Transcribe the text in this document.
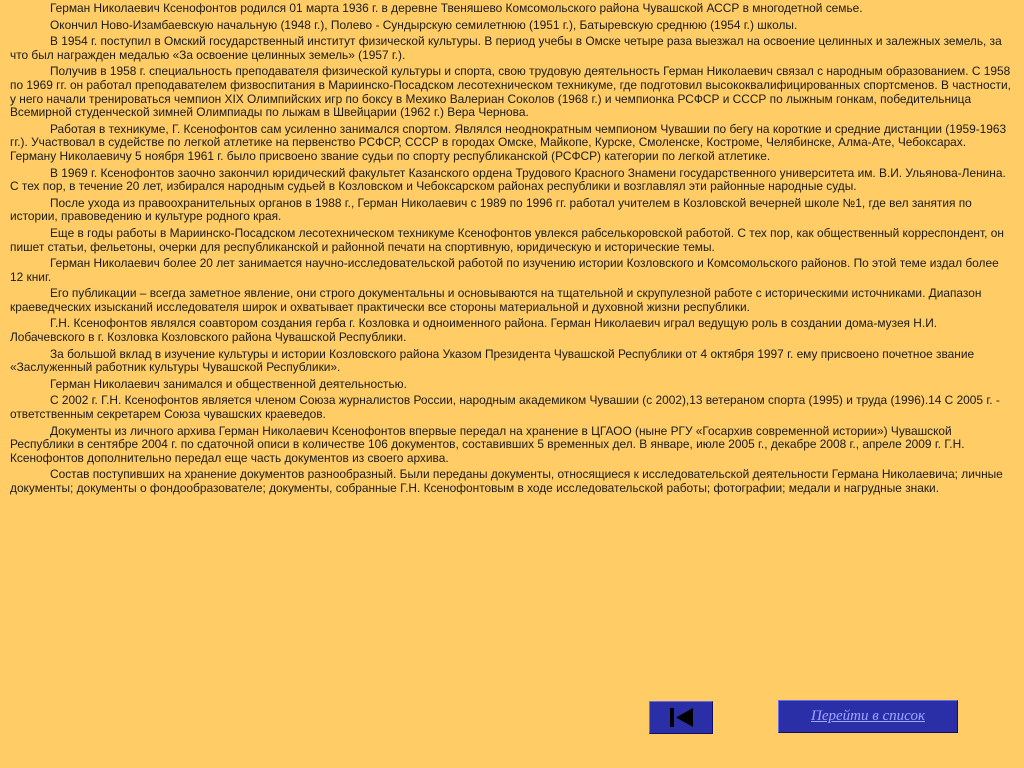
Герман Николаевич Ксенофонтов родился 01 марта 1936 г. в деревне Твеняшево Комсомольского района Чувашской АССР в многодетной семье.

Окончил Ново-Изамбаевскую начальную (1948 г.), Полево - Сундырскую семилетнюю (1951 г.), Батыревскую среднюю (1954 г.) школы.

В 1954 г. поступил в Омский государственный институт физической культуры. В период учебы в Омске четыре раза выезжал на освоение целинных и залежных земель, за что был награжден медалью «За освоение целинных земель» (1957 г.).

Получив в 1958 г. специальность преподавателя физической культуры и спорта, свою трудовую деятельность Герман Николаевич связал с народным образованием. С 1958 по 1969 гг. он работал преподавателем физвоспитания в Мариинско-Посадском лесотехническом техникуме, где подготовил высококвалифицированных спортсменов. В частности, у него начали тренироваться чемпион XIX Олимпийских игр по боксу в Мехико Валериан Соколов (1968 г.) и чемпионка РСФСР и СССР по лыжным гонкам, победительница Всемирной студенческой зимней Олимпиады по лыжам в Швейцарии (1962 г.) Вера Чернова.

Работая в техникуме, Г. Ксенофонтов сам усиленно занимался спортом. Являлся неоднократным чемпионом Чувашии по бегу на короткие и средние дистанции (1959-1963 гг.). Участвовал в судействе по легкой атлетике на первенство РСФСР, СССР в городах Омске, Майкопе, Курске, Смоленске, Костроме, Челябинске, Алма-Ате, Чебоксарах. Герману Николаевичу 5 ноября 1961 г. было присвоено звание судьи по спорту республиканской (РСФСР) категории по легкой атлетике.

В 1969 г. Ксенофонтов заочно закончил юридический факультет Казанского ордена Трудового Красного Знамени государственного университета им. В.И. Ульянова-Ленина. С тех пор, в течение 20 лет, избирался народным судьей в Козловском и Чебоксарском районах республики и возглавлял эти районные народные суды.

После ухода из правоохранительных органов в 1988 г., Герман Николаевич с 1989 по 1996 гг. работал учителем в Козловской вечерней школе №1, где вел занятия по истории, правоведению и культуре родного края.

Еще в годы работы в Мариинско-Посадском лесотехническом техникуме Ксенофонтов увлекся рабселькоровской работой. С тех пор, как общественный корреспондент, он пишет статьи, фельетоны, очерки для республиканской и районной печати на спортивную, юридическую и исторические темы.

Герман Николаевич более 20 лет занимается научно-исследовательской работой по изучению истории Козловского и Комсомольского районов. По этой теме издал более 12 книг.

Его публикации – всегда заметное явление, они строго документальны и основываются на тщательной и скрупулезной работе с историческими источниками. Диапазон краеведческих изысканий исследователя широк и охватывает практически все стороны материальной и духовной жизни республики.

Г.Н. Ксенофонтов являлся соавтором создания герба г. Козловка и одноименного района. Герман Николаевич играл ведущую роль в создании дома-музея Н.И. Лобачевского в г. Козловка Козловского района Чувашской Республики.

За большой вклад в изучение культуры и истории Козловского района Указом Президента Чувашской Республики от 4 октября 1997 г. ему присвоено почетное звание «Заслуженный работник культуры Чувашской Республики».

Герман Николаевич занимался и общественной деятельностью.

С 2002 г. Г.Н. Ксенофонтов является членом Союза журналистов России, народным академиком Чувашии (с 2002),13 ветераном спорта (1995) и труда (1996).14 С 2005 г. - ответственным секретарем Союза чувашских краеведов.

Документы из личного архива Герман Николаевич Ксенофонтов впервые передал на хранение в ЦГАОО (ныне РГУ «Госархив современной истории») Чувашской Республики в сентябре 2004 г. по сдаточной описи в количестве 106 документов, составивших 5 временных дел. В январе, июле 2005 г., декабре 2008 г., апреле 2009 г. Г.Н. Ксенофонтов дополнительно передал еще часть документов из своего архива.

Состав поступивших на хранение документов разнообразный. Были переданы документы, относящиеся к исследовательской деятельности Германа Николаевича; личные документы; документы о фондообразователе; документы, собранные Г.Н. Ксенофонтовым в ходе исследовательской работы; фотографии; медали и нагрудные знаки.

Перейти в список
